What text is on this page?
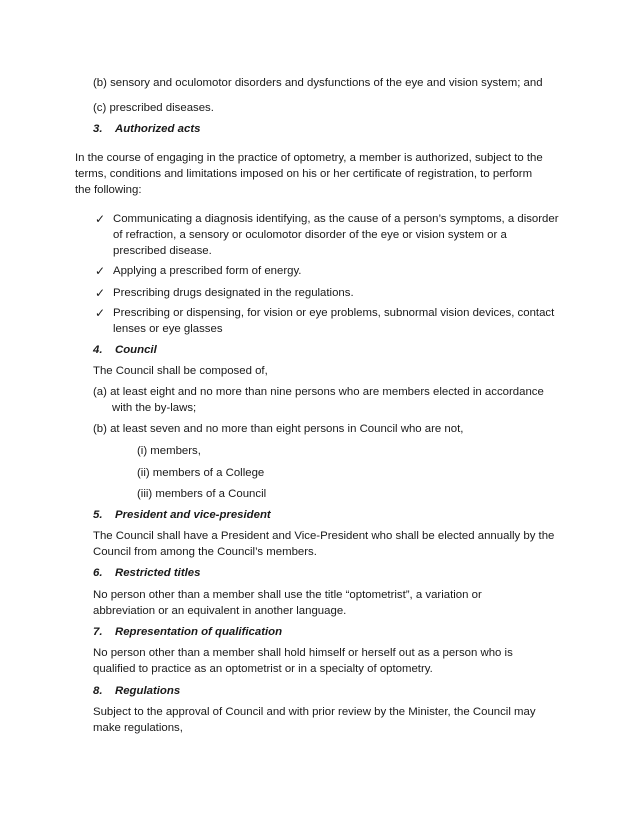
(b) sensory and oculomotor disorders and dysfunctions of the eye and vision system; and
(c) prescribed diseases.
3. Authorized acts
In the course of engaging in the practice of optometry, a member is authorized, subject to the
terms, conditions and limitations imposed on his or her certificate of registration, to perform
the following:
✓ Communicating a diagnosis identifying, as the cause of a person’s symptoms, a disorder
of refraction, a sensory or oculomotor disorder of the eye or vision system or a
prescribed disease.
✓ Applying a prescribed form of energy.
✓ Prescribing drugs designated in the regulations.
✓ Prescribing or dispensing, for vision or eye problems, subnormal vision devices, contact
lenses or eye glasses
4. Council
The Council shall be composed of,
(a) at least eight and no more than nine persons who are members elected in accordance
with the by-laws;
(b) at least seven and no more than eight persons in Council who are not,
(i) members,
(ii) members of a College
(iii) members of a Council
5. President and vice-president
The Council shall have a President and Vice-President who shall be elected annually by the
Council from among the Council’s members.
6. Restricted titles
No person other than a member shall use the title “optometrist”, a variation or
abbreviation or an equivalent in another language.
7. Representation of qualification
No person other than a member shall hold himself or herself out as a person who is
qualified to practice as an optometrist or in a specialty of optometry.
8. Regulations
Subject to the approval of Council and with prior review by the Minister, the Council may
make regulations,
